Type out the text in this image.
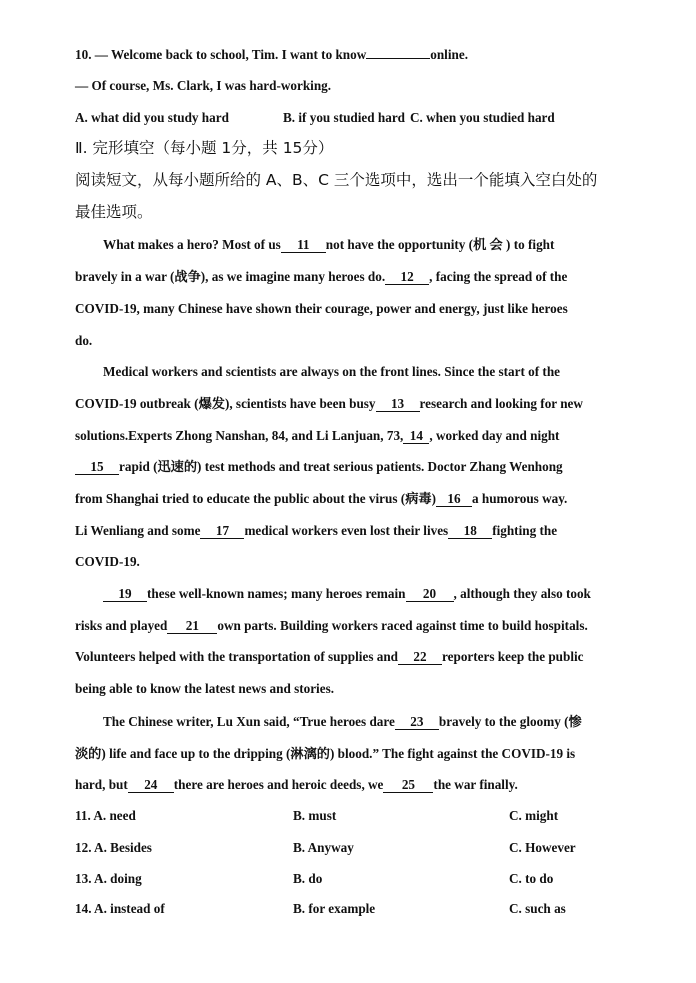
10. — Welcome back to school, Tim. I want to know	online.
— Of course, Ms. Clark, I was hard-working.
A. what did you study hard	B. if you studied hard C. when you studied hard
Ⅱ. 完形填空（每小题 1分，共 15分）
阅读短文，从每小题所给的 A、B、C 三个选项中，选出一个能填入空白处的
最佳选项。
What makes a hero? Most of us 11 not have the opportunity (机 会 ) to fight
bravely in a war (战争), as we imagine many heroes do. 12 , facing the spread of the
COVID-19, many Chinese have shown their courage, power and energy, just like heroes
do.
Medical workers and scientists are always on the front lines. Since the start of the
COVID-19 outbreak (爆发), scientists have been busy 13 research and looking for new
solutions.Experts Zhong Nanshan, 84, and Li Lanjuan, 73, 14 , worked day and night
15 rapid (迅速的) test methods and treat serious patients. Doctor Zhang Wenhong
from Shanghai tried to educate the public about the virus (病毒) 16 a humorous way.
Li Wenliang and some 17 medical workers even lost their lives 18 fighting the
COVID-19.
19 these well-known names; many heroes remain 20 , although they also took
risks and played 21 own parts. Building workers raced against time to build hospitals.
Volunteers helped with the transportation of supplies and 22 reporters keep the public
being able to know the latest news and stories.
The Chinese writer, Lu Xun said, “True heroes dare 23 bravely to the gloomy (惨
淡的) life and face up to the dripping (淋漓的) blood.” The fight against the COVID-19 is
hard, but 24 there are heroes and heroic deeds, we 25 the war finally.
11. A. need	B. must	C. might
12. A. Besides	B. Anyway	C. However
13. A. doing	B. do	C. to do
14. A. instead of	B. for example	C. such as
